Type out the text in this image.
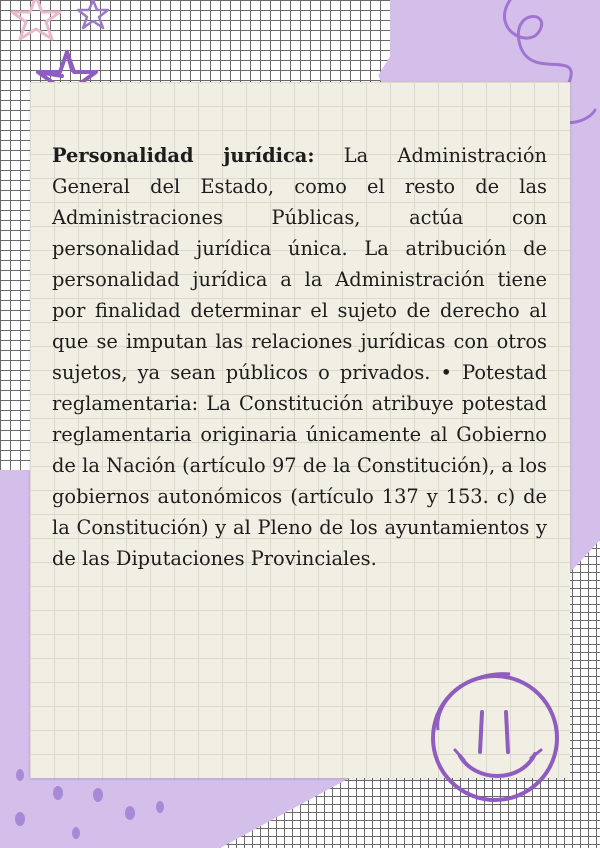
Personalidad jurídica: La Administración General del Estado, como el resto de las Administraciones Públicas, actúa con personalidad jurídica única. La atribución de personalidad jurídica a la Administración tiene por finalidad determinar el sujeto de derecho al que se imputan las relaciones jurídicas con otros sujetos, ya sean públicos o privados. • Potestad reglamentaria: La Constitución atribuye potestad reglamentaria originaria únicamente al Gobierno de la Nación (artículo 97 de la Constitución), a los gobiernos autonómicos (artículo 137 y 153. c) de la Constitución) y al Pleno de los ayuntamientos y de las Diputaciones Provinciales.
